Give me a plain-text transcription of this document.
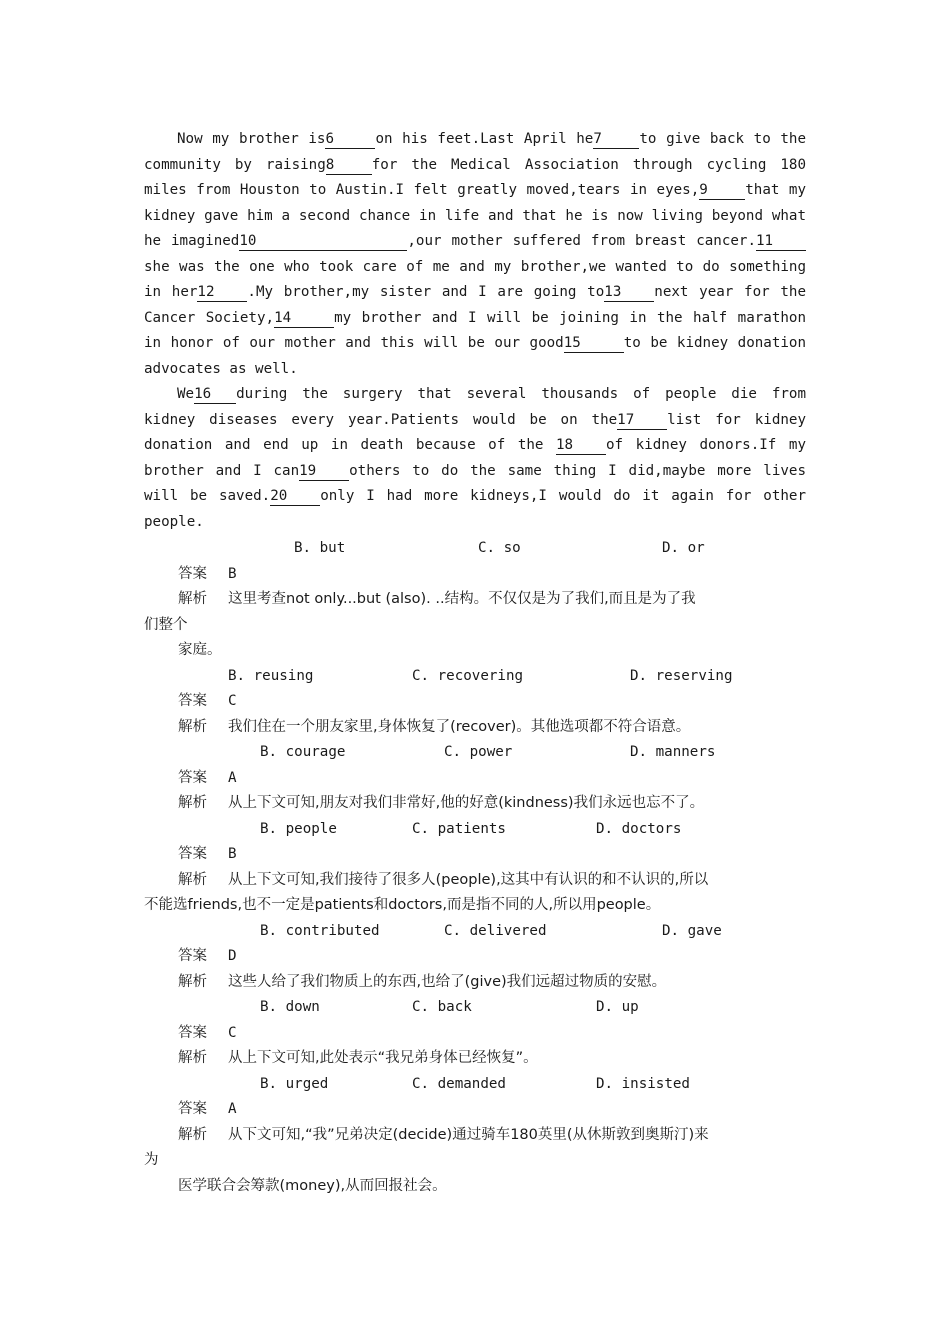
Now my brother is6	on his feet.Last April he7	to give back to the community by raising8	for the Medical Association through cycling 180 miles from Houston to Austin.I felt greatly moved,tears in eyes,9	that my kidney gave him a second chance in life and that he is now living beyond what he imagined10	,our mother suffered from breast cancer.11she was the one who took care of me and my brother,we wanted to do something in her12 .My brother,my sister and I are going to13 next year for the Cancer Society,14	my brother and I will be joining in the half marathon in honor of our mother and this will be our good15	to be kidney donation advocates as well.

We16 during the surgery that several thousands of people die from kidney diseases every year.Patients would be on the17 list for kidney donation and end up in death because of the 18 of kidney donors.If my brother and I can19 others to do the same thing I did,maybe more lives will be saved.20 only I had more kidneys,I would do it again for other people.

B. but	C. so	D. or
答案 B
解析 这里考查not only...but (also). ..结构。不仅仅是为了我们,而且是为了我
们整个
家庭。
B. reusing	C. recovering	D. reserving
答案 C
解析 我们住在一个朋友家里,身体恢复了(recover)。其他选项都不符合语意。
B. courage	C. power	D. manners
答案 A
解析 从上下文可知,朋友对我们非常好,他的好意(kindness)我们永远也忘不了。
B. people	C. patients	D. doctors
答案 B
解析 从上下文可知,我们接待了很多人(people),这其中有认识的和不认识的,所以
不能选friends,也不一定是patients和doctors,而是指不同的人,所以用people。
B. contributed	C. delivered	D. gave
答案 D
解析 这些人给了我们物质上的东西,也给了(give)我们远超过物质的安慰。
B. down	C. back	D. up
答案 C
解析 从上下文可知,此处表示“我兄弟身体已经恢复”。
B. urged	C. demanded	D. insisted
答案 A
解析 从下文可知,“我”兄弟决定(decide)通过骑车180英里(从休斯敦到奥斯汀)来
为
医学联合会筹款(money),从而回报社会。
